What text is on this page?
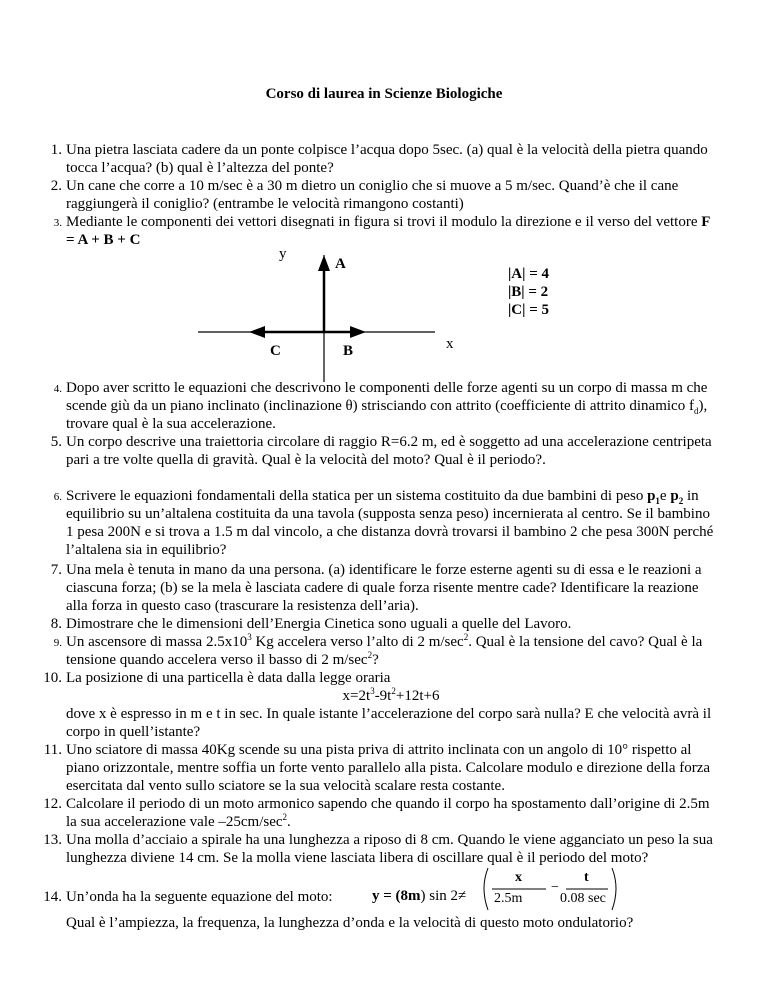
Corso di laurea in Scienze Biologiche
1. Una pietra lasciata cadere da un ponte colpisce l’acqua dopo 5sec. (a) qual è la velocità della pietra quando tocca l’acqua? (b) qual è l’altezza del ponte?
2. Un cane che corre a 10 m/sec è a 30 m dietro un coniglio che si muove a 5 m/sec. Quand’è che il cane raggiungerà il coniglio? (entrambe le velocità rimangono costanti)
3. Mediante le componenti dei vettori disegnati in figura si trovi il modulo la direzione e il verso del vettore F = A + B + C
y
A
C	B	x
|A| = 4
|B| = 2
|C| = 5
4. Dopo aver scritto le equazioni che descrivono le componenti delle forze agenti su un corpo di massa m che scende giù da un piano inclinato (inclinazione θ) strisciando con attrito (coefficiente di attrito dinamico $f_d$), trovare qual è la sua accelerazione.
5. Un corpo descrive una traiettoria circolare di raggio R=6.2 m, ed è soggetto ad una accelerazione centripeta pari a tre volte quella di gravità. Qual è la velocità del moto? Qual è il periodo?.
6. Scrivere le equazioni fondamentali della statica per un sistema costituito da due bambini di peso $p_1e$ $p_2$ in equilibrio su un’altalena costituita da una tavola (supposta senza peso) incernierata al centro. Se il bambino 1 pesa 200N e si trova a 1.5 m dal vincolo, a che distanza dovrà trovarsi il bambino 2 che pesa 300N perché l’altalena sia in equilibrio?
7. Una mela è tenuta in mano da una persona. (a) identificare le forze esterne agenti su di essa e le reazioni a ciascuna forza; (b) se la mela è lasciata cadere di quale forza risente mentre cade? Identificare la reazione alla forza in questo caso (trascurare la resistenza dell’aria).
8. Dimostrare che le dimensioni dell’Energia Cinetica sono uguali a quelle del Lavoro.
9. Un ascensore di massa $2.5x10^3$ Kg accelera verso l’alto di 2 $m/\sec^2$. Qual è la tensione del cavo? Qual è la tensione quando accelera verso il basso di 2 $m/\sec^2$?
10. La posizione di una particella è data dalla legge oraria
$x=2t^3-9t^2+12t+6$
dove x è espresso in m e t in sec. In quale istante l’accelerazione del corpo sarà nulla? E che velocità avrà il corpo in quell’istante?
11. Uno sciatore di massa 40Kg scende su una pista priva di attrito inclinata con un angolo di 10° rispetto al piano orizzontale, mentre soffia un forte vento parallelo alla pista. Calcolare modulo e direzione della forza esercitata dal vento sullo sciatore se la sua velocità scalare resta costante.
12. Calcolare il periodo di un moto armonico sapendo che quando il corpo ha spostamento dall’origine di 2.5m la sua accelerazione vale $-25cm/\sec^2$.
13. Una molla d’acciaio a spirale ha una lunghezza a riposo di 8 cm. Quando le viene agganciato un peso la sua lunghezza diviene 14 cm. Se la molla viene lasciata libera di oscillare qual è il periodo del moto?
14. Un’onda ha la seguente equazione del moto:	y = (8m) sin 2≠
x
2.5m
−
t
0.08 sec
Qual è l’ampiezza, la frequenza, la lunghezza d’onda e la velocità di questo moto ondulatorio?
